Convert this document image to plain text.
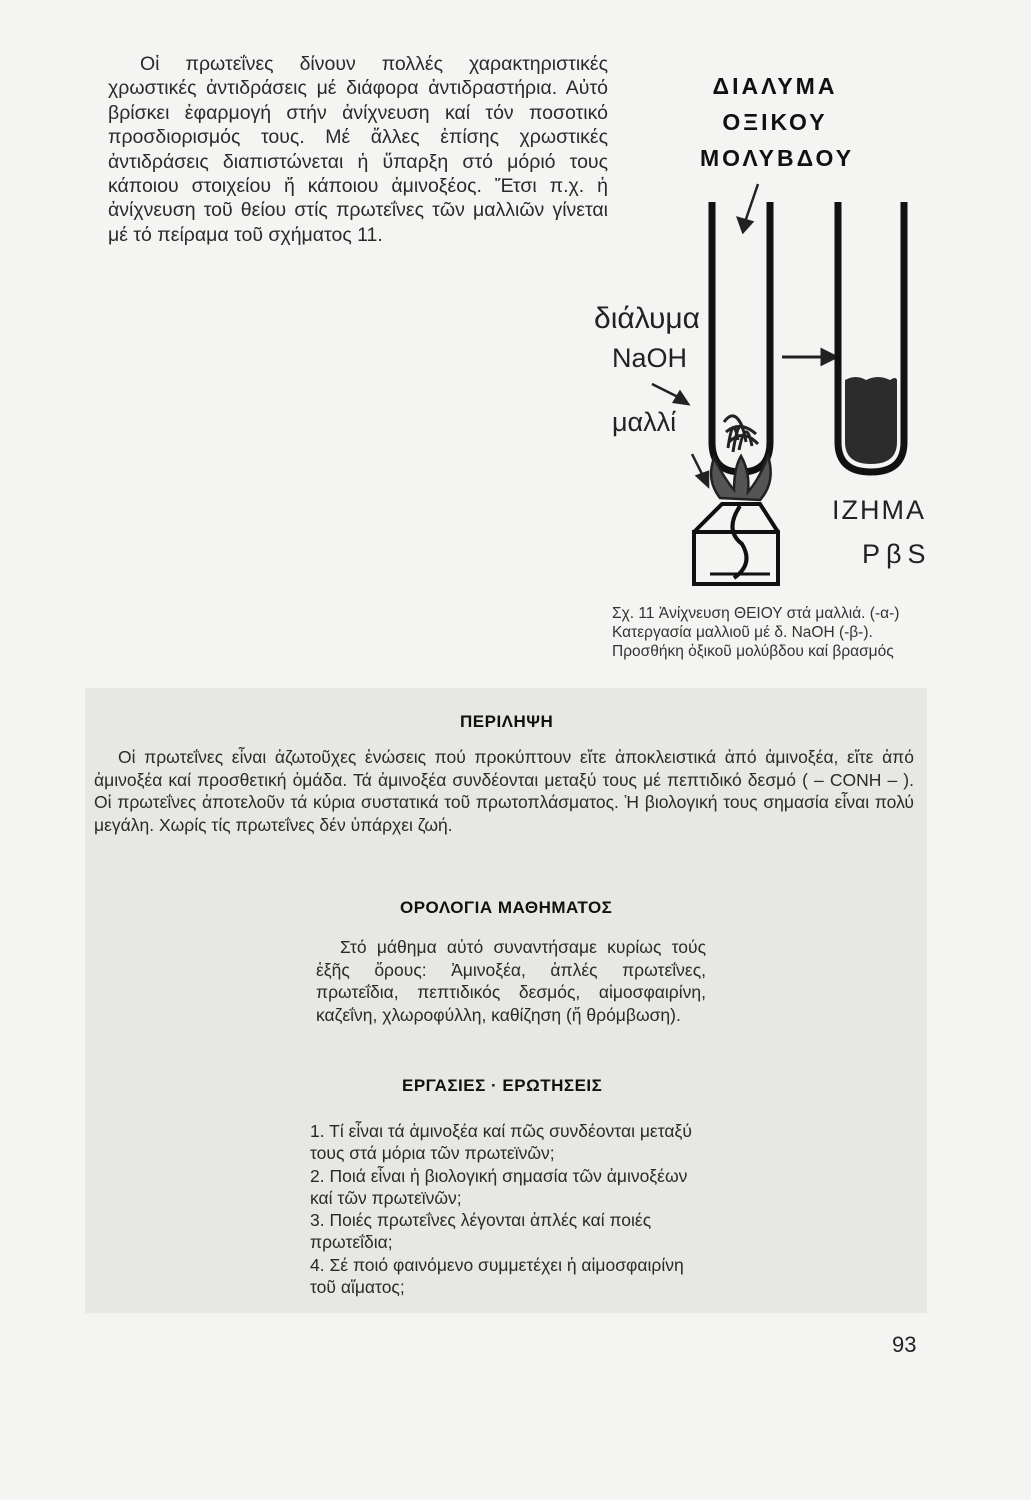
Οἱ πρωτεΐνες δίνουν πολλές χαρακτηριστικές χρωστικές ἀντιδράσεις μέ διάφορα ἀντιδραστήρια. Αὐτό βρίσκει ἐφαρμογή στήν ἀνίχνευση καί τόν ποσοτικό προσδιορισμός τους. Μέ ἄλλες ἐπίσης χρωστικές ἀντιδράσεις διαπιστώνεται ἡ ὕπαρξη στό μόριό τους κάποιου στοιχείου ἤ κάποιου ἀμινοξέος. Ἔτσι π.χ. ἡ ἀνίχνευση τοῦ θείου στίς πρωτεΐνες τῶν μαλλιῶν γίνεται μέ τό πείραμα τοῦ σχήματος 11.

ΔΙΑΛΥΜΑ
ΟΞΙΚΟΥ
ΜΟΛΥΒΔΟΥ
διάλυμα
NaOH
μαλλί
ΙΖΗΜΑ
PβS
Σχ. 11 Ἀνίχνευση ΘΕΙΟΥ στά μαλλιά. (-α-) Κατεργασία μαλλιοῦ μέ δ. NaOH (-β-). Προσθήκη ὀξικοῦ μολύβδου καί βρασμός
ΠΕΡΙΛΗΨΗ

Οἱ πρωτεΐνες εἶναι ἀζωτοῦχες ἑνώσεις πού προκύπτουν εἴτε ἀποκλειστικά ἀπό ἀμινοξέα, εἴτε ἀπό ἀμινοξέα καί προσθετική ὁμάδα. Τά ἀμινοξέα συνδέονται μεταξύ τους μέ πεπτιδικό δεσμό ( – CONH – ). Οἱ πρωτεΐνες ἀποτελοῦν τά κύρια συστατικά τοῦ πρωτοπλάσματος. Ἡ βιολογική τους σημασία εἶναι πολύ μεγάλη. Χωρίς τίς πρωτεΐνες δέν ὑπάρχει ζωή.

ΟΡΟΛΟΓΙΑ ΜΑΘΗΜΑΤΟΣ

Στό μάθημα αὐτό συναντήσαμε κυρίως τούς ἑξῆς ὅρους: Ἀμινοξέα, ἁπλές πρωτεΐνες, πρωτεΐδια, πεπτιδικός δεσμός, αἱμοσφαιρίνη, καζεΐνη, χλωροφύλλη, καθίζηση (ἤ θρόμβωση).

ΕΡΓΑΣΙΕΣ · ΕΡΩΤΗΣΕΙΣ
1. Τί εἶναι τά ἀμινοξέα καί πῶς συνδέονται μεταξύ τους στά μόρια τῶν πρωτεϊνῶν;
2. Ποιά εἶναι ἡ βιολογική σημασία τῶν ἀμινοξέων καί τῶν πρωτεϊνῶν;
3. Ποιές πρωτεΐνες λέγονται ἁπλές καί ποιές πρωτεΐδια;
4. Σέ ποιό φαινόμενο συμμετέχει ἡ αἱμοσφαιρίνη τοῦ αἵματος;
93
